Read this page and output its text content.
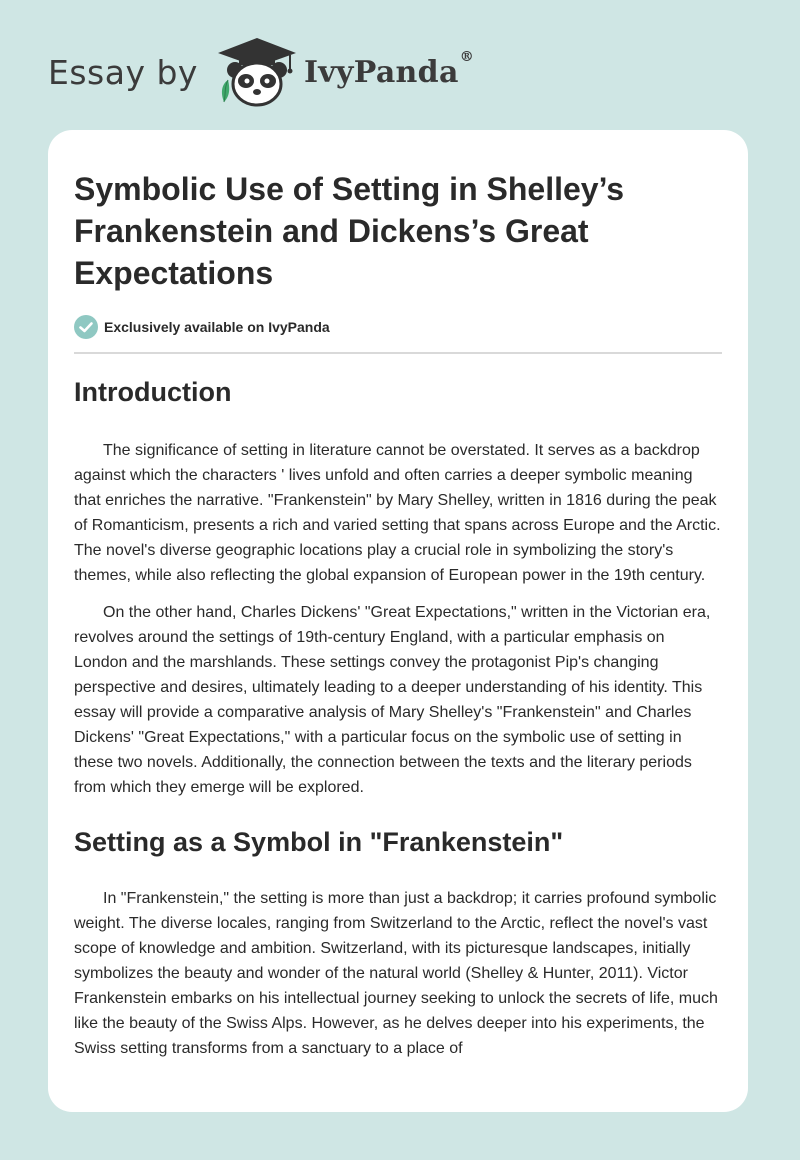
Essay by	IvyPanda®
Symbolic Use of Setting in Shelley’s Frankenstein and Dickens’s Great Expectations
Exclusively available on IvyPanda
Introduction

The significance of setting in literature cannot be overstated. It serves as a backdrop against which the characters ' lives unfold and often carries a deeper symbolic meaning that enriches the narrative. "Frankenstein" by Mary Shelley, written in 1816 during the peak of Romanticism, presents a rich and varied setting that spans across Europe and the Arctic. The novel's diverse geographic locations play a crucial role in symbolizing the story's themes, while also reflecting the global expansion of European power in the 19th century.

On the other hand, Charles Dickens' "Great Expectations," written in the Victorian era, revolves around the settings of 19th-century England, with a particular emphasis on London and the marshlands. These settings convey the protagonist Pip's changing perspective and desires, ultimately leading to a deeper understanding of his identity. This essay will provide a comparative analysis of Mary Shelley's "Frankenstein" and Charles Dickens' "Great Expectations," with a particular focus on the symbolic use of setting in these two novels. Additionally, the connection between the texts and the literary periods from which they emerge will be explored.

Setting as a Symbol in "Frankenstein"

In "Frankenstein," the setting is more than just a backdrop; it carries profound symbolic weight. The diverse locales, ranging from Switzerland to the Arctic, reflect the novel's vast scope of knowledge and ambition. Switzerland, with its picturesque landscapes, initially symbolizes the beauty and wonder of the natural world (Shelley & Hunter, 2011). Victor Frankenstein embarks on his intellectual journey seeking to unlock the secrets of life, much like the beauty of the Swiss Alps. However, as he delves deeper into his experiments, the Swiss setting transforms from a sanctuary to a place of
